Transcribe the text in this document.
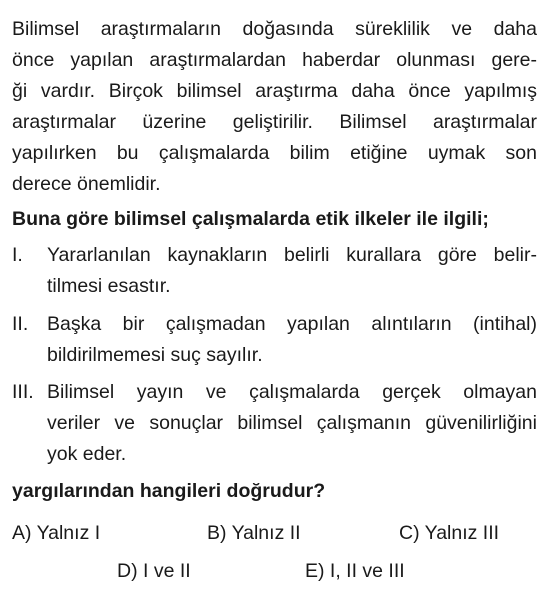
Bilimsel araştırmaların doğasında süreklilik ve daha
önce yapılan araştırmalardan haberdar olunması gere-
ği vardır. Birçok bilimsel araştırma daha önce yapılmış
araştırmalar üzerine geliştirilir. Bilimsel araştırmalar
yapılırken bu çalışmalarda bilim etiğine uymak son
derece önemlidir.
Buna göre bilimsel çalışmalarda etik ilkeler ile ilgili;
I. Yararlanılan kaynakların belirli kurallara göre belir-
tilmesi esastır.
II. Başka bir çalışmadan yapılan alıntıların (intihal)
bildirilmemesi suç sayılır.
III. Bilimsel yayın ve çalışmalarda gerçek olmayan
veriler ve sonuçlar bilimsel çalışmanın güvenilirliğini
yok eder.
yargılarından hangileri doğrudur?
A) Yalnız I	B) Yalnız II	C) Yalnız III
D) I ve II	E) I, II ve III
